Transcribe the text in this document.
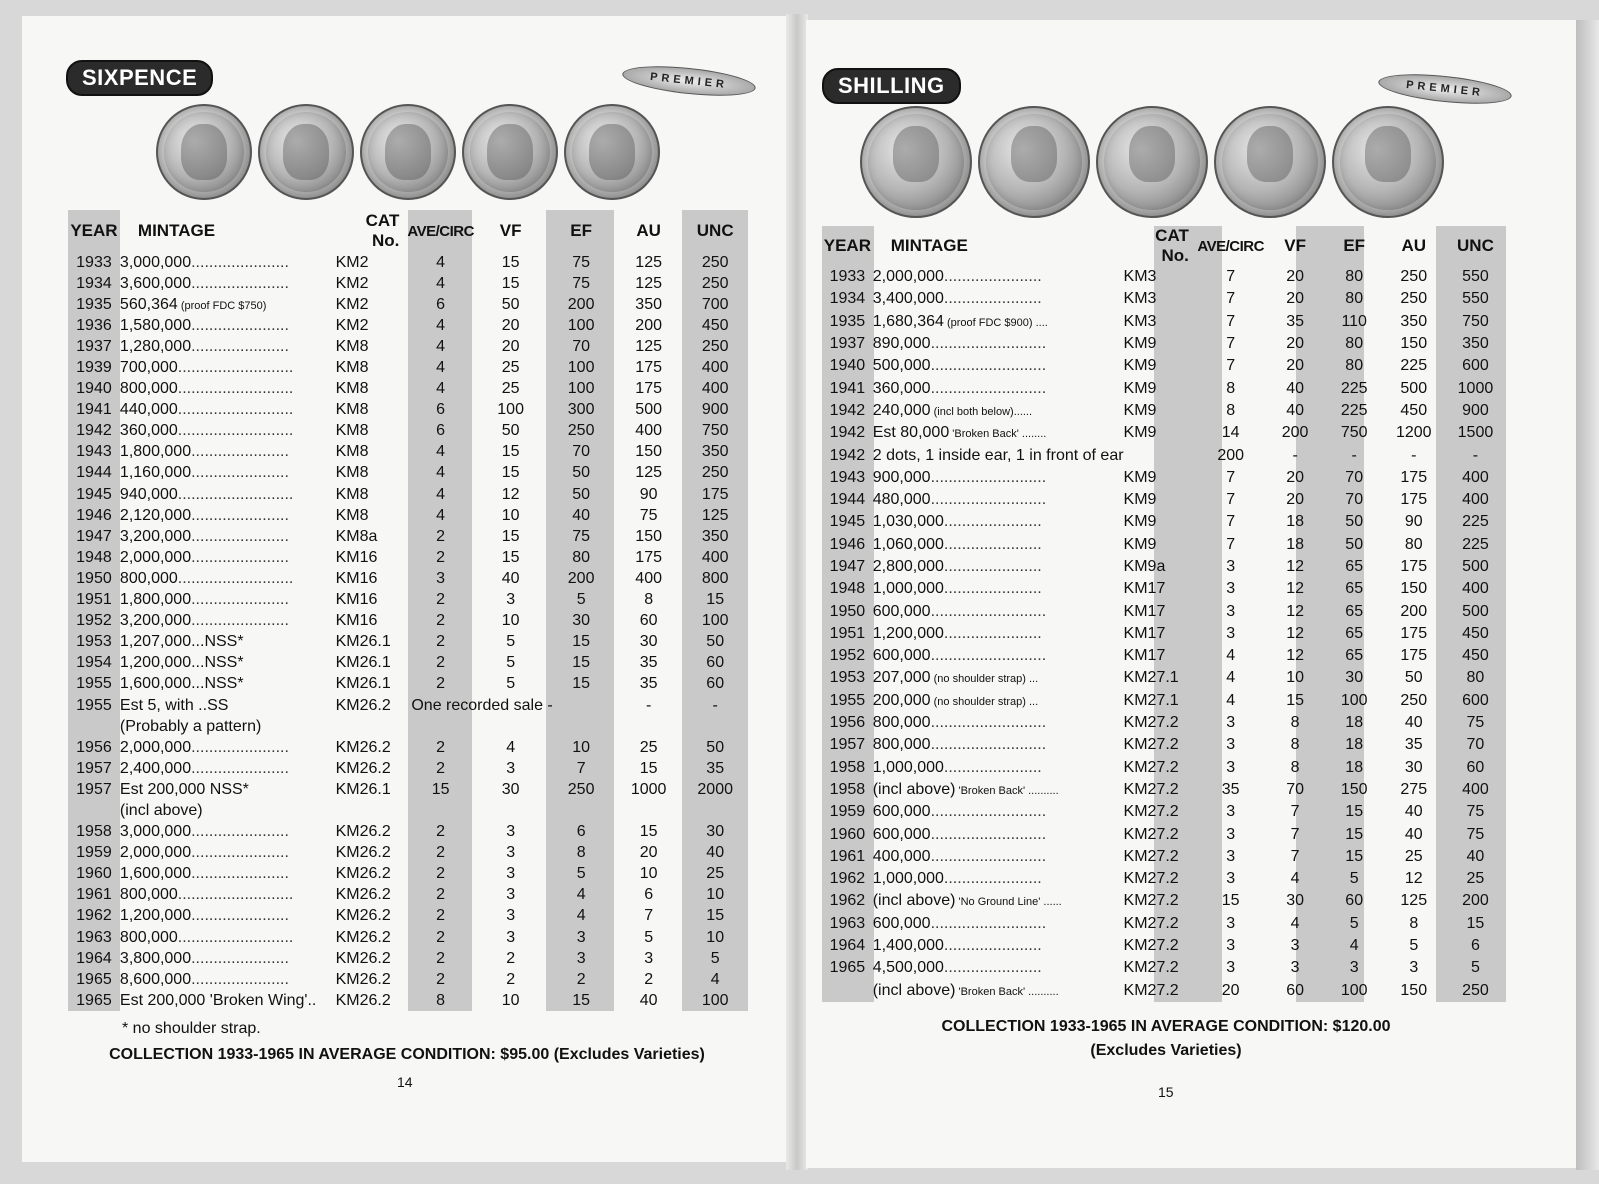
SIXPENCE	PREMIER
YEAR	MINTAGE	CAT No.	AVE/CIRC	VF	EF	AU	UNC
1933	3,000,000......................	KM2	4	15	75	125	250
1934	3,600,000......................	KM2	4	15	75	125	250
1935	560,364 (proof FDC $750)	KM2	6	50	200	350	700
1936	1,580,000......................	KM2	4	20	100	200	450
1937	1,280,000......................	KM8	4	20	70	125	250
1939	700,000..........................	KM8	4	25	100	175	400
1940	800,000..........................	KM8	4	25	100	175	400
1941	440,000..........................	KM8	6	100	300	500	900
1942	360,000..........................	KM8	6	50	250	400	750
1943	1,800,000......................	KM8	4	15	70	150	350
1944	1,160,000......................	KM8	4	15	50	125	250
1945	940,000..........................	KM8	4	12	50	90	175
1946	2,120,000......................	KM8	4	10	40	75	125
1947	3,200,000......................	KM8a	2	15	75	150	350
1948	2,000,000......................	KM16	2	15	80	175	400
1950	800,000..........................	KM16	3	40	200	400	800
1951	1,800,000......................	KM16	2	3	5	8	15
1952	3,200,000......................	KM16	2	10	30	60	100
1953	1,207,000...NSS*	KM26.1	2	5	15	30	50
1954	1,200,000...NSS*	KM26.1	2	5	15	35	60
1955	1,600,000...NSS*	KM26.1	2	5	15	35	60
1955	Est 5, with ..SS	KM26.2	One recorded sale -			-	-
	(Probably a pattern)						
1956	2,000,000......................	KM26.2	2	4	10	25	50
1957	2,400,000......................	KM26.2	2	3	7	15	35
1957	Est 200,000 NSS*	KM26.1	15	30	250	1000	2000
	(incl above)						
1958	3,000,000......................	KM26.2	2	3	6	15	30
1959	2,000,000......................	KM26.2	2	3	8	20	40
1960	1,600,000......................	KM26.2	2	3	5	10	25
1961	800,000..........................	KM26.2	2	3	4	6	10
1962	1,200,000......................	KM26.2	2	3	4	7	15
1963	800,000..........................	KM26.2	2	3	3	5	10
1964	3,800,000......................	KM26.2	2	2	3	3	5
1965	8,600,000......................	KM26.2	2	2	2	2	4
1965	Est 200,000 'Broken Wing'..	KM26.2	8	10	15	40	100
* no shoulder strap.
COLLECTION 1933-1965 IN AVERAGE CONDITION: $95.00 (Excludes Varieties)
14
SHILLING	PREMIER
YEAR	MINTAGE	CAT No.	AVE/CIRC	VF	EF	AU	UNC
1933	2,000,000......................	KM3	7	20	80	250	550
1934	3,400,000......................	KM3	7	20	80	250	550
1935	1,680,364 (proof FDC $900) ....	KM3	7	35	110	350	750
1937	890,000..........................	KM9	7	20	80	150	350
1940	500,000..........................	KM9	7	20	80	225	600
1941	360,000..........................	KM9	8	40	225	500	1000
1942	240,000 (incl both below)......	KM9	8	40	225	450	900
1942	Est 80,000 'Broken Back' ........	KM9	14	200	750	1200	1500
1942	2 dots, 1 inside ear, 1 in front of ear		200	-	-	-	-
1943	900,000..........................	KM9	7	20	70	175	400
1944	480,000..........................	KM9	7	20	70	175	400
1945	1,030,000......................	KM9	7	18	50	90	225
1946	1,060,000......................	KM9	7	18	50	80	225
1947	2,800,000......................	KM9a	3	12	65	175	500
1948	1,000,000......................	KM17	3	12	65	150	400
1950	600,000..........................	KM17	3	12	65	200	500
1951	1,200,000......................	KM17	3	12	65	175	450
1952	600,000..........................	KM17	4	12	65	175	450
1953	207,000 (no shoulder strap) ...	KM27.1	4	10	30	50	80
1955	200,000 (no shoulder strap) ...	KM27.1	4	15	100	250	600
1956	800,000..........................	KM27.2	3	8	18	40	75
1957	800,000..........................	KM27.2	3	8	18	35	70
1958	1,000,000......................	KM27.2	3	8	18	30	60
1958	(incl above) 'Broken Back' ..........	KM27.2	35	70	150	275	400
1959	600,000..........................	KM27.2	3	7	15	40	75
1960	600,000..........................	KM27.2	3	7	15	40	75
1961	400,000..........................	KM27.2	3	7	15	25	40
1962	1,000,000......................	KM27.2	3	4	5	12	25
1962	(incl above) 'No Ground Line' ......	KM27.2	15	30	60	125	200
1963	600,000..........................	KM27.2	3	4	5	8	15
1964	1,400,000......................	KM27.2	3	3	4	5	6
1965	4,500,000......................	KM27.2	3	3	3	3	5
	(incl above) 'Broken Back' ..........	KM27.2	20	60	100	150	250
COLLECTION 1933-1965 IN AVERAGE CONDITION: $120.00
(Excludes Varieties)
15
